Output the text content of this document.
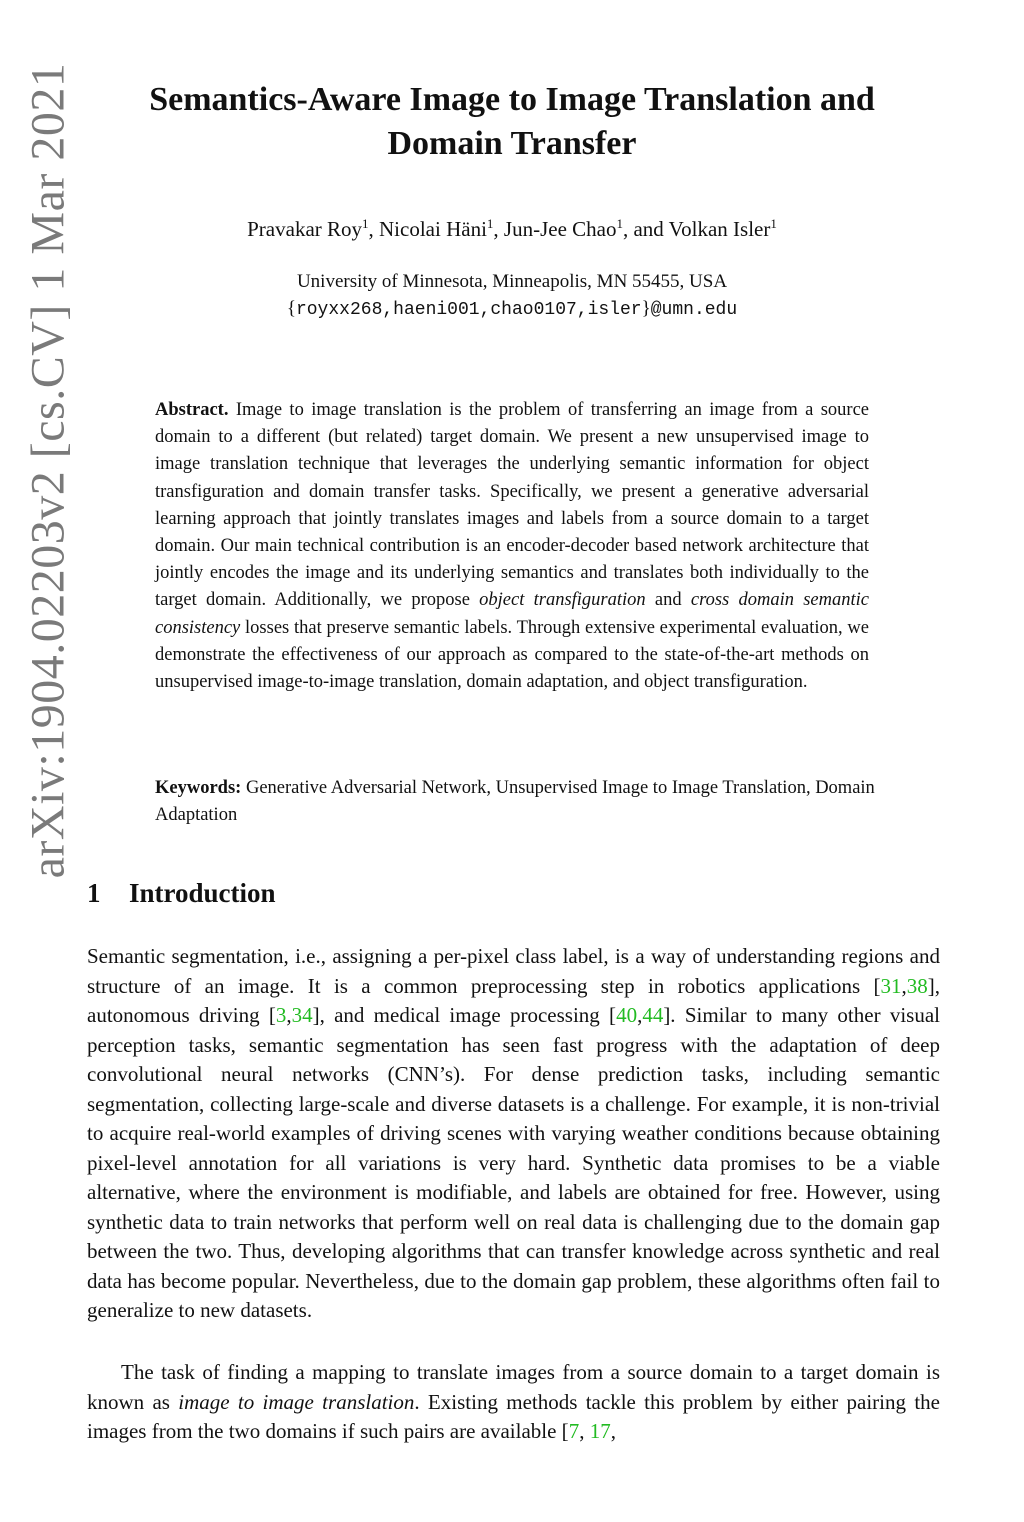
arXiv:1904.02203v2 [cs.CV] 1 Mar 2021	Semantics-Aware Image to Image Translation and Domain Transfer
Pravakar Roy$^1$, Nicolai Häni$^1$, Jun-Jee Chao$^1$, and Volkan Isler$^1$
University of Minnesota, Minneapolis, MN 55455, USA
{royxx268,haeni001,chao0107,isler}@umn.edu
Abstract. Image to image translation is the problem of transferring an image from a source domain to a different (but related) target domain. We present a new unsupervised image to image translation technique that leverages the underlying semantic information for object transfiguration and domain transfer tasks. Specifically, we present a generative adversarial learning approach that jointly translates images and labels from a source domain to a target domain. Our main technical contribution is an encoder-decoder based network architecture that jointly encodes the image and its underlying semantics and translates both individually to the target domain. Additionally, we propose object transfiguration and cross domain semantic consistency losses that preserve semantic labels. Through extensive experimental evaluation, we demonstrate the effectiveness of our approach as compared to the state-of-the-art methods on unsupervised image-to-image translation, domain adaptation, and object transfiguration.
Keywords: Generative Adversarial Network, Unsupervised Image to Image Translation, Domain Adaptation
1 Introduction
Semantic segmentation, i.e., assigning a per-pixel class label, is a way of understanding regions and structure of an image. It is a common preprocessing step in robotics applications [31,38], autonomous driving [3,34], and medical image processing [40,44]. Similar to many other visual perception tasks, semantic segmentation has seen fast progress with the adaptation of deep convolutional neural networks (CNN’s). For dense prediction tasks, including semantic segmentation, collecting large-scale and diverse datasets is a challenge. For example, it is non-trivial to acquire real-world examples of driving scenes with varying weather conditions because obtaining pixel-level annotation for all variations is very hard. Synthetic data promises to be a viable alternative, where the environment is modifiable, and labels are obtained for free. However, using synthetic data to train networks that perform well on real data is challenging due to the domain gap between the two. Thus, developing algorithms that can transfer knowledge across synthetic and real data has become popular. Nevertheless, due to the domain gap problem, these algorithms often fail to generalize to new datasets.
The task of finding a mapping to translate images from a source domain to a target domain is known as image to image translation. Existing methods tackle this problem by either pairing the images from the two domains if such pairs are available [7, 17,
